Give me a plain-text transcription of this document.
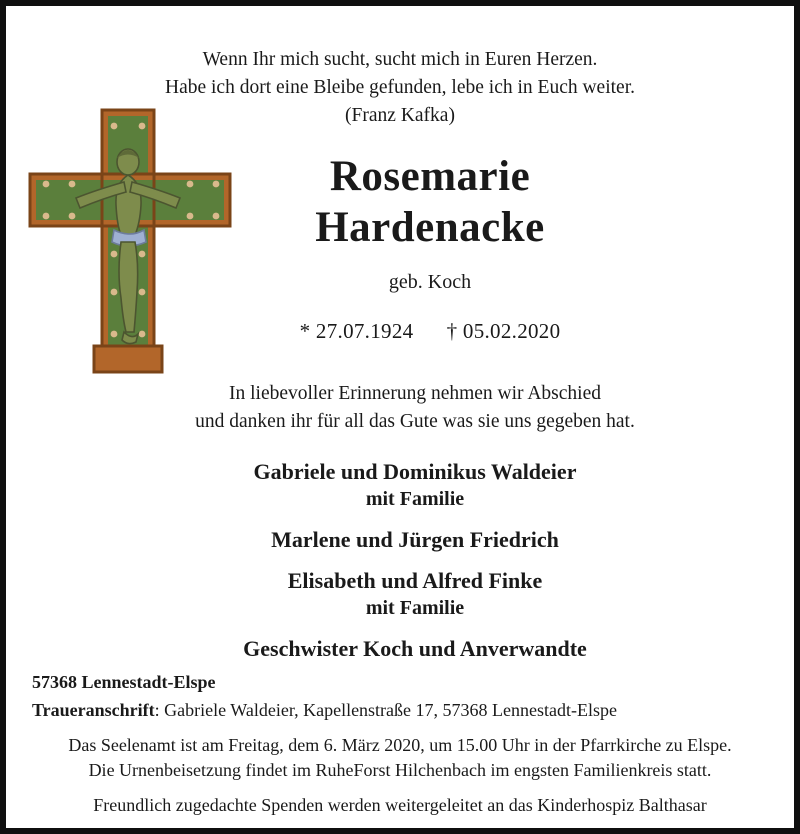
Wenn Ihr mich sucht, sucht mich in Euren Herzen.
Habe ich dort eine Bleibe gefunden, lebe ich in Euch weiter.
(Franz Kafka)
Rosemarie
Hardenacke
geb. Koch
* 27.07.1924 † 05.02.2020
In liebevoller Erinnerung nehmen wir Abschied
und danken ihr für all das Gute was sie uns gegeben hat.
Gabriele und Dominikus Waldeier
mit Familie
Marlene und Jürgen Friedrich
Elisabeth und Alfred Finke
mit Familie
Geschwister Koch und Anverwandte
57368 Lennestadt-Elspe
Traueranschrift: Gabriele Waldeier, Kapellenstraße 17, 57368 Lennestadt-Elspe
Das Seelenamt ist am Freitag, dem 6. März 2020, um 15.00 Uhr in der Pfarrkirche zu Elspe.
Die Urnenbeisetzung findet im RuheForst Hilchenbach im engsten Familienkreis statt.
Freundlich zugedachte Spenden werden weitergeleitet an das Kinderhospiz Balthasar
